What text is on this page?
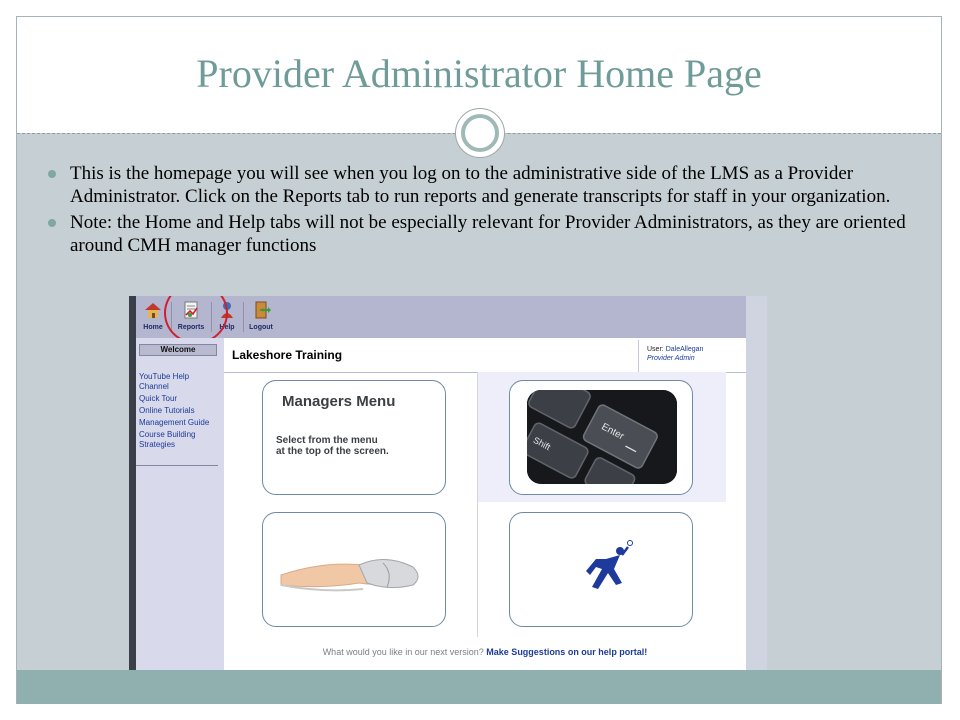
Provider Administrator Home Page
This is the homepage you will see when you log on to the administrative side of the LMS as a Provider Administrator. Click on the Reports tab to run reports and generate transcripts for staff in your organization.
Note: the Home and Help tabs will not be especially relevant for Provider Administrators, as they are oriented around CMH manager functions
Home	Reports	Help	Logout
Welcome
YouTube Help Channel
Quick Tour
Online Tutorials
Management Guide
Course Building Strategies
Lakeshore Training	User: DaleAllegan
Provider Admin
Managers Menu
Select from the menu
at the top of the screen.
Enter
Shift
What would you like in our next version? Make Suggestions on our help portal!
